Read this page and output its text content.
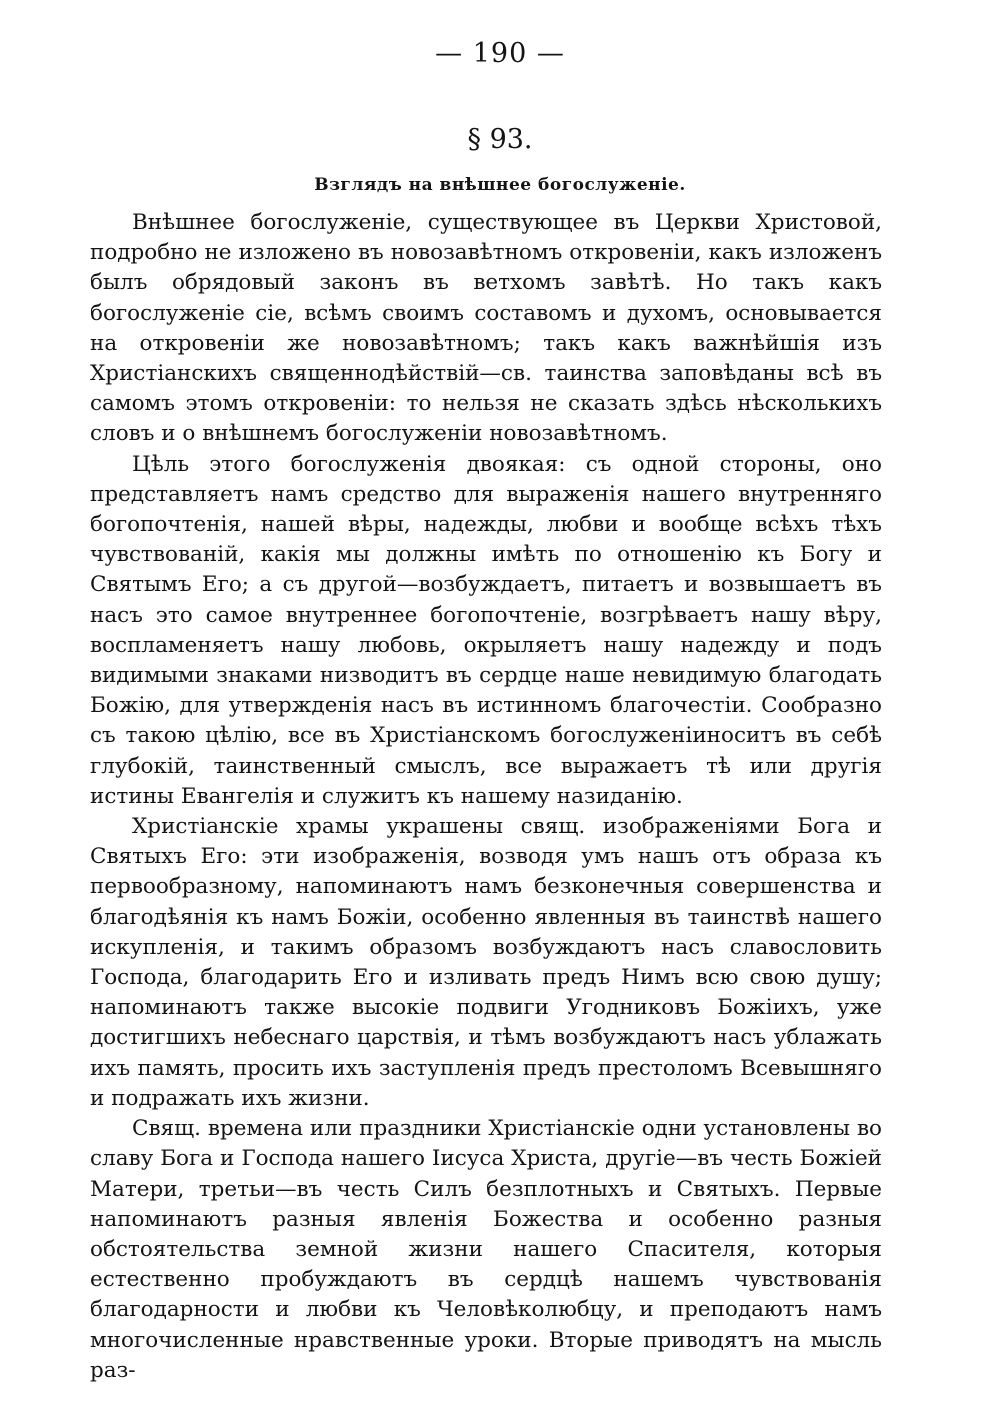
— 190 —
§ 93.
Взглядъ на внѣшнее богослуженіе.

Внѣшнее богослуженіе, существующее въ Церкви Христовой, подробно не изложено въ новозавѣтномъ откровеніи, какъ изложенъ былъ обрядовый законъ въ ветхомъ завѣтѣ. Но такъ какъ богослуженіе сіе, всѣмъ своимъ составомъ и духомъ, основывается на откровеніи же новозавѣтномъ; такъ какъ важнѣйшія изъ Христіанскихъ священнодѣйствій—св. таинства заповѣданы всѣ въ самомъ этомъ откровеніи: то нельзя не сказать здѣсь нѣсколькихъ словъ и о внѣшнемъ богослуженіи новозавѣтномъ.

Цѣль этого богослуженія двоякая: съ одной стороны, оно представляетъ намъ средство для выраженія нашего внутренняго богопочтенія, нашей вѣры, надежды, любви и вообще всѣхъ тѣхъ чувствованій, какія мы должны имѣть по отношенію къ Богу и Святымъ Его; а съ другой—возбуждаетъ, питаетъ и возвышаетъ въ насъ это самое внутреннее богопочтеніе, возгрѣваетъ нашу вѣру, воспламеняетъ нашу любовь, окрыляетъ нашу надежду и подъ видимыми знаками низводитъ въ сердце наше невидимую благодать Божію, для утвержденія насъ въ истинномъ благочестіи. Сообразно съ такою цѣлію, все въ Христіанскомъ богослуженіиноситъ въ себѣ глубокій, таинственный смыслъ, все выражаетъ тѣ или другія истины Евангелія и служитъ къ нашему назиданію.

Христіанскіе храмы украшены свящ. изображеніями Бога и Святыхъ Его: эти изображенія, возводя умъ нашъ отъ образа къ первообразному, напоминаютъ намъ безконечныя совершенства и благодѣянія къ намъ Божіи, особенно явленныя въ таинствѣ нашего искупленія, и такимъ образомъ возбуждаютъ насъ славословить Господа, благодарить Его и изливать предъ Нимъ всю свою душу; напоминаютъ также высокіе подвиги Угодниковъ Божіихъ, уже достигшихъ небеснаго царствія, и тѣмъ возбуждаютъ насъ ублажать ихъ память, просить ихъ заступленія предъ престоломъ Всевышняго и подражать ихъ жизни.

Свящ. времена или праздники Христіанскіе одни установлены во славу Бога и Господа нашего Іисуса Христа, другіе—въ честь Божіей Матери, третьи—въ честь Силъ безплотныхъ и Святыхъ. Первые напоминаютъ разныя явленія Божества и особенно разныя обстоятельства земной жизни нашего Спасителя, которыя естественно пробуждаютъ въ сердцѣ нашемъ чувствованія благодарности и любви къ Человѣколюбцу, и преподаютъ намъ многочисленные нравственные уроки. Вторые приводятъ на мысль раз-
